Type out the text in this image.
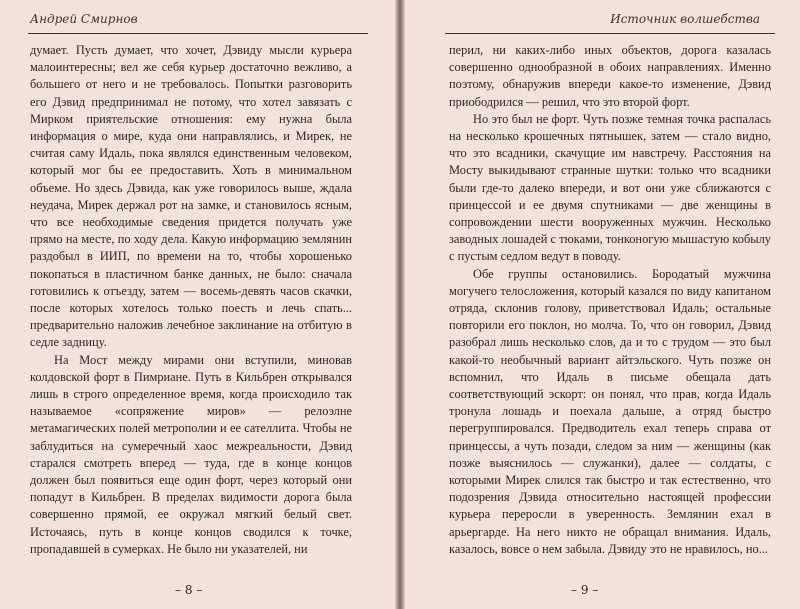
Андрей Смирнов

думает. Пусть думает, что хочет, Дэвиду мысли курьера малоинтересны; вел же себя курьер достаточно вежливо, а большего от него и не требовалось. Попытки разговорить его Дэвид предпринимал не потому, что хотел завязать с Мирком приятельские отношения: ему нужна была информация о мире, куда они направлялись, и Мирек, не считая саму Идаль, пока являлся единственным человеком, который мог бы ее предоставить. Хоть в минимальном объеме. Но здесь Дэвида, как уже говорилось выше, ждала неудача, Мирек держал рот на замке, и становилось ясным, что все необходимые сведения придется получать уже прямо на месте, по ходу дела. Какую информацию землянин раздобыл в ИИП, по времени на то, чтобы хорошенько покопаться в пластичном банке данных, не было: сначала готовились к отъезду, затем — восемь-девять часов скачки, после которых хотелось только поесть и лечь спать... предварительно наложив лечебное заклинание на отбитую в седле задницу.

На Мост между мирами они вступили, миновав колдовской форт в Пимриане. Путь в Кильбрен открывался лишь в строго определенное время, когда происходило так называемое «сопряжение миров» — релоэлне метамагических полей метрополии и ее сателлита. Чтобы не заблудиться на сумеречный хаос межреальности, Дэвид старался смотреть вперед — туда, где в конце концов должен был появиться еще один форт, через который они попадут в Кильбрен. В пределах видимости дорога была совершенно прямой, ее окружал мягкий белый свет. Источаясь, путь в конце концов сводился к точке, пропадавшей в сумерках. Не было ни указателей, ни

– 8 –
Источник волшебства

перил, ни каких-либо иных объектов, дорога казалась совершенно однообразной в обоих направлениях. Именно поэтому, обнаружив впереди какое-то изменение, Дэвид приободрился — решил, что это второй форт.

Но это был не форт. Чуть позже темная точка распалась на несколько крошечных пятнышек, затем — стало видно, что это всадники, скачущие им навстречу. Расстояния на Мосту выкидывают странные шутки: только что всадники были где-то далеко впереди, и вот они уже сближаются с принцессой и ее двумя спутниками — две женщины в сопровождении шести вооруженных мужчин. Несколько заводных лошадей с тюками, тонконогую мышастую кобылу с пустым седлом ведут в поводу.

Обе группы остановились. Бородатый мужчина могучего телосложения, который казался по виду капитаном отряда, склонив голову, приветствовал Идаль; остальные повторили его поклон, но молча. То, что он говорил, Дэвид разобрал лишь несколько слов, да и то с трудом — это был какой-то необычный вариант айтэльского. Чуть позже он вспомнил, что Идаль в письме обещала дать соответствующий эскорт: он понял, что прав, когда Идаль тронула лошадь и поехала дальше, а отряд быстро перегруппировался. Предводитель ехал теперь справа от принцессы, а чуть позади, следом за ним — женщины (как позже выяснилось — служанки), далее — солдаты, с которыми Мирек слился так быстро и так естественно, что подозрения Дэвида относительно настоящей профессии курьера переросли в уверенность. Землянин ехал в арьергарде. На него никто не обращал внимания. Идаль, казалось, вовсе о нем забыла. Дэвиду это не нравилось, но...

– 9 –
